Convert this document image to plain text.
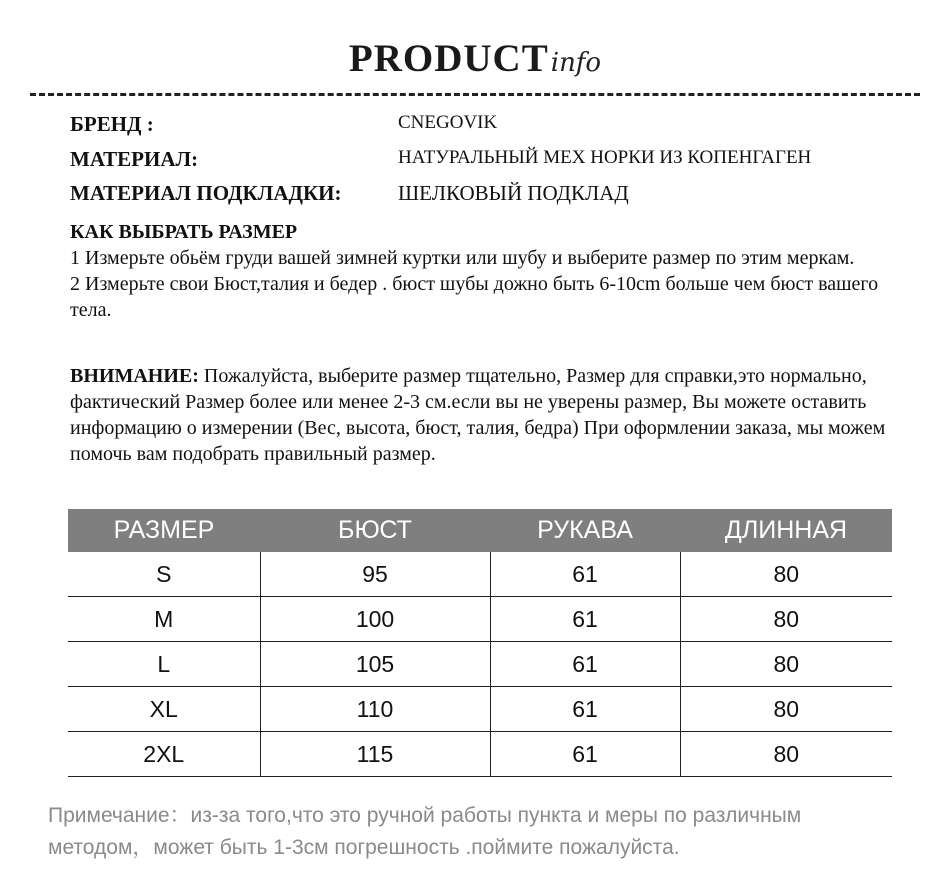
PRODUCTinfo
БРЕНД :	CNEGOVIK
МАТЕРИАЛ:	НАТУРАЛЬНЫЙ МЕХ НОРКИ ИЗ КОПЕНГАГЕН
МАТЕРИАЛ ПОДКЛАДКИ:	ШЕЛКОВЫЙ ПОДКЛАД
КАК ВЫБРАТЬ РАЗМЕР
1 Измерьте обьём груди вашей зимней куртки или шубу и выберите размер по этим меркам.
2 Измерьте свои Бюст,талия и бедер . бюст шубы дожно быть 6-10cm больше чем бюст вашего тела.
ВНИМАНИЕ: Пожалуйста, выберите размер тщательно, Размер для справки,это нормально, фактический Размер более или менее 2-3 см.если вы не уверены размер, Вы можете оставить информацию о измерении (Вес, высота, бюст, талия, бедра) При оформлении заказа, мы можем помочь вам подобрать правильный размер.
РАЗМЕР	БЮСТ	РУКАВА	ДЛИННАЯ
S	95	61	80
M	100	61	80
L	105	61	80
XL	110	61	80
2XL	115	61	80
Примечание：из-за того,что это ручной работы пункта и меры по различным
методом，может быть 1-3см погрешность .поймите пожалуйста.
